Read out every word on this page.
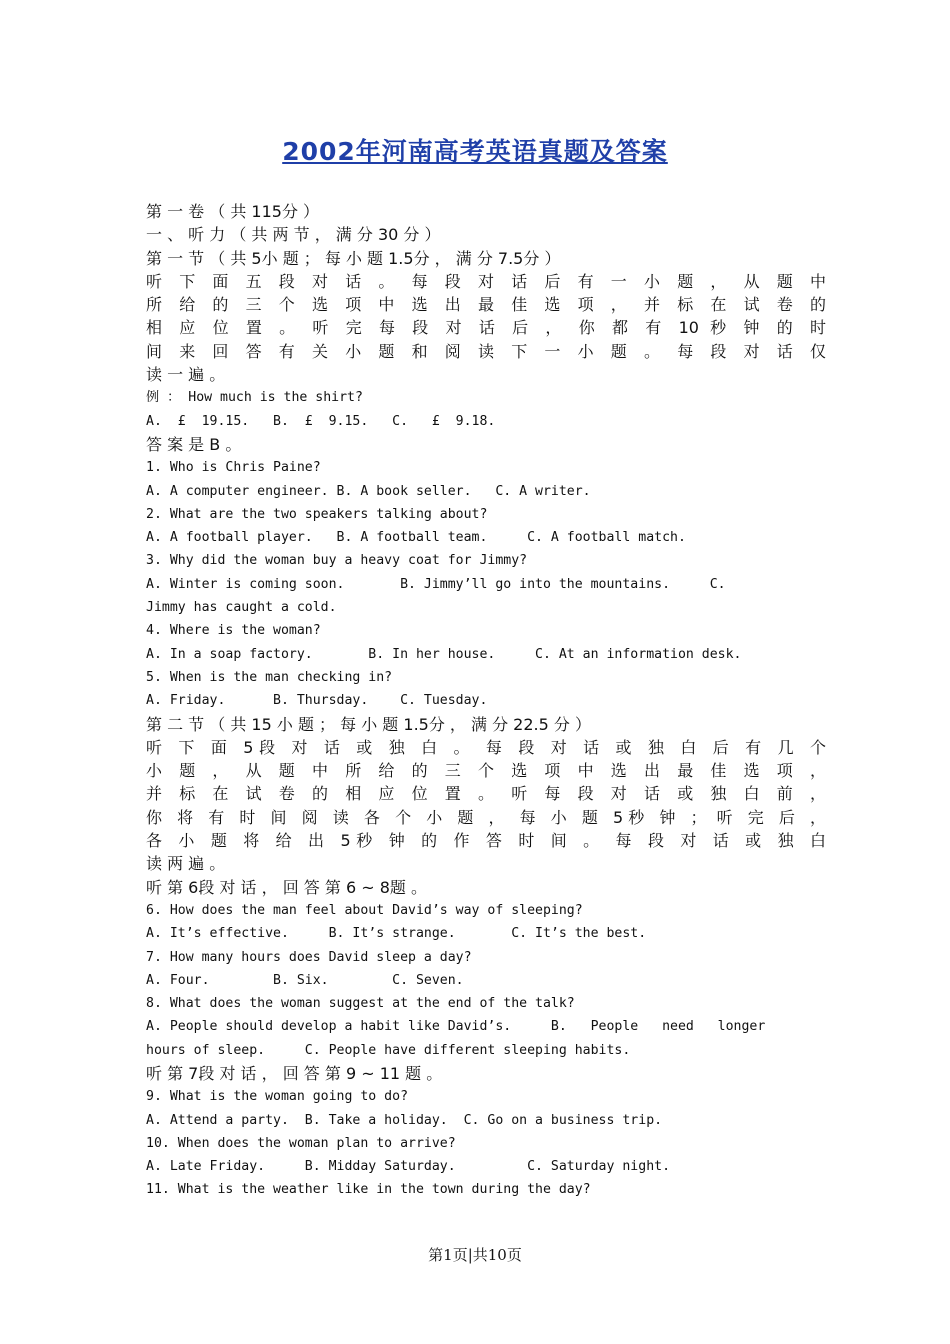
2002年河南高考英语真题及答案
第 一 卷 （ 共 115分 ）
一 、 听 力 （ 共 两 节 ， 满 分 30 分 ）
第 一 节 （ 共 5小 题 ； 每 小 题 1.5分 ， 满 分 7.5分 ）
听 下 面 五 段 对 话 。 每 段 对 话 后 有 一 小 题 ， 从 题 中
所 给 的 三 个 选 项 中 选 出 最 佳 选 项 ， 并 标 在 试 卷 的
相 应 位 置 。 听 完 每 段 对 话 后 ， 你 都 有 10 秒 钟 的 时
间 来 回 答 有 关 小 题 和 阅 读 下 一 小 题 。 每 段 对 话 仅
读 一 遍 。
例 ： How much is the shirt?
A.  £  19.15.   B.  £  9.15.   C.   £  9.18.
答 案 是 B 。
1. Who is Chris Paine?
A. A computer engineer. B. A book seller.   C. A writer.
2. What are the two speakers talking about?
A. A football player.   B. A football team.     C. A football match.
3. Why did the woman buy a heavy coat for Jimmy?
A. Winter is coming soon.       B. Jimmy’ll go into the mountains.     C.
Jimmy has caught a cold.
4. Where is the woman?
A. In a soap factory.       B. In her house.     C. At an information desk.
5. When is the man checking in?
A. Friday.      B. Thursday.    C. Tuesday.
第 二 节 （ 共 15 小 题 ； 每 小 题 1.5分 ， 满 分 22.5 分 ）
听 下 面 5段 对 话 或 独 白 。 每 段 对 话 或 独 白 后 有 几 个
小 题 ， 从 题 中 所 给 的 三 个 选 项 中 选 出 最 佳 选 项 ，
并 标 在 试 卷 的 相 应 位 置 。 听 每 段 对 话 或 独 白 前 ，
你 将 有 时 间 阅 读 各 个 小 题 ， 每 小 题 5秒 钟 ； 听 完 后 ，
各 小 题 将 给 出 5秒 钟 的 作 答 时 间 。 每 段 对 话 或 独 白
读 两 遍 。
听 第 6段 对 话 ， 回 答 第 6 ~ 8题 。
6. How does the man feel about David’s way of sleeping?
A. It’s effective.     B. It’s strange.       C. It’s the best.
7. How many hours does David sleep a day?
A. Four.        B. Six.        C. Seven.
8. What does the woman suggest at the end of the talk?
A. People should develop a habit like David’s.     B.   People   need   longer
hours of sleep.     C. People have different sleeping habits.
听 第 7段 对 话 ， 回 答 第 9 ~ 11 题 。
9. What is the woman going to do?
A. Attend a party.  B. Take a holiday.  C. Go on a business trip.
10. When does the woman plan to arrive?
A. Late Friday.     B. Midday Saturday.         C. Saturday night.
11. What is the weather like in the town during the day?
第1页|共10页
